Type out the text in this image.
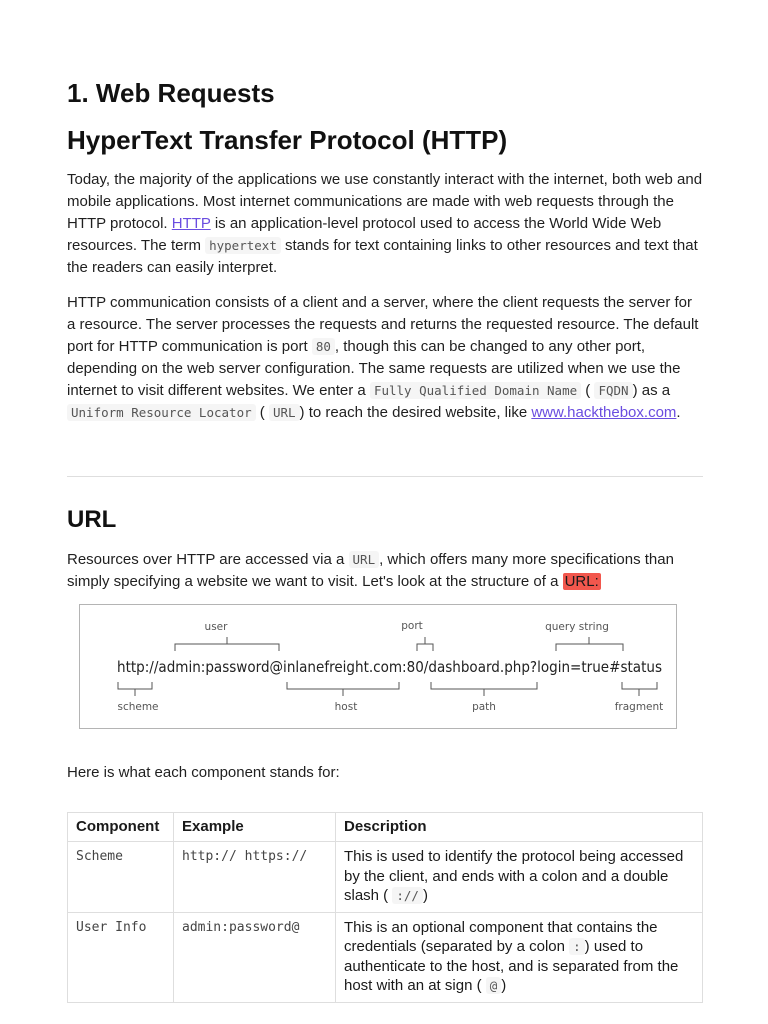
1. Web Requests
HyperText Transfer Protocol (HTTP)

Today, the majority of the applications we use constantly interact with the internet, both web and mobile applications. Most internet communications are made with web requests through the HTTP protocol. HTTP is an application-level protocol used to access the World Wide Web resources. The term hypertext stands for text containing links to other resources and text that the readers can easily interpret.

HTTP communication consists of a client and a server, where the client requests the server for a resource. The server processes the requests and returns the requested resource. The default port for HTTP communication is port 80 , though this can be changed to any other port, depending on the web server configuration. The same requests are utilized when we use the internet to visit different websites. We enter a Fully Qualified Domain Name ( FQDN ) as a Uniform Resource Locator ( URL ) to reach the desired website, like www.hackthebox.com.

URL

Resources over HTTP are accessed via a URL , which offers many more specifications than simply specifying a website we want to visit. Let's look at the structure of a URL:

user	port	query string
scheme	host	path	fragment
http://admin:password@inlanefreight.com:80/dashboard.php?login=true#status

Here is what each component stands for:

Component	Example	Description
Scheme	http:// https://	This is used to identify the protocol being accessed by the client, and ends with a colon and a double slash ( :// )
User Info	admin:password@	This is an optional component that contains the credentials (separated by a colon : ) used to authenticate to the host, and is separated from the host with an at sign ( @ )
